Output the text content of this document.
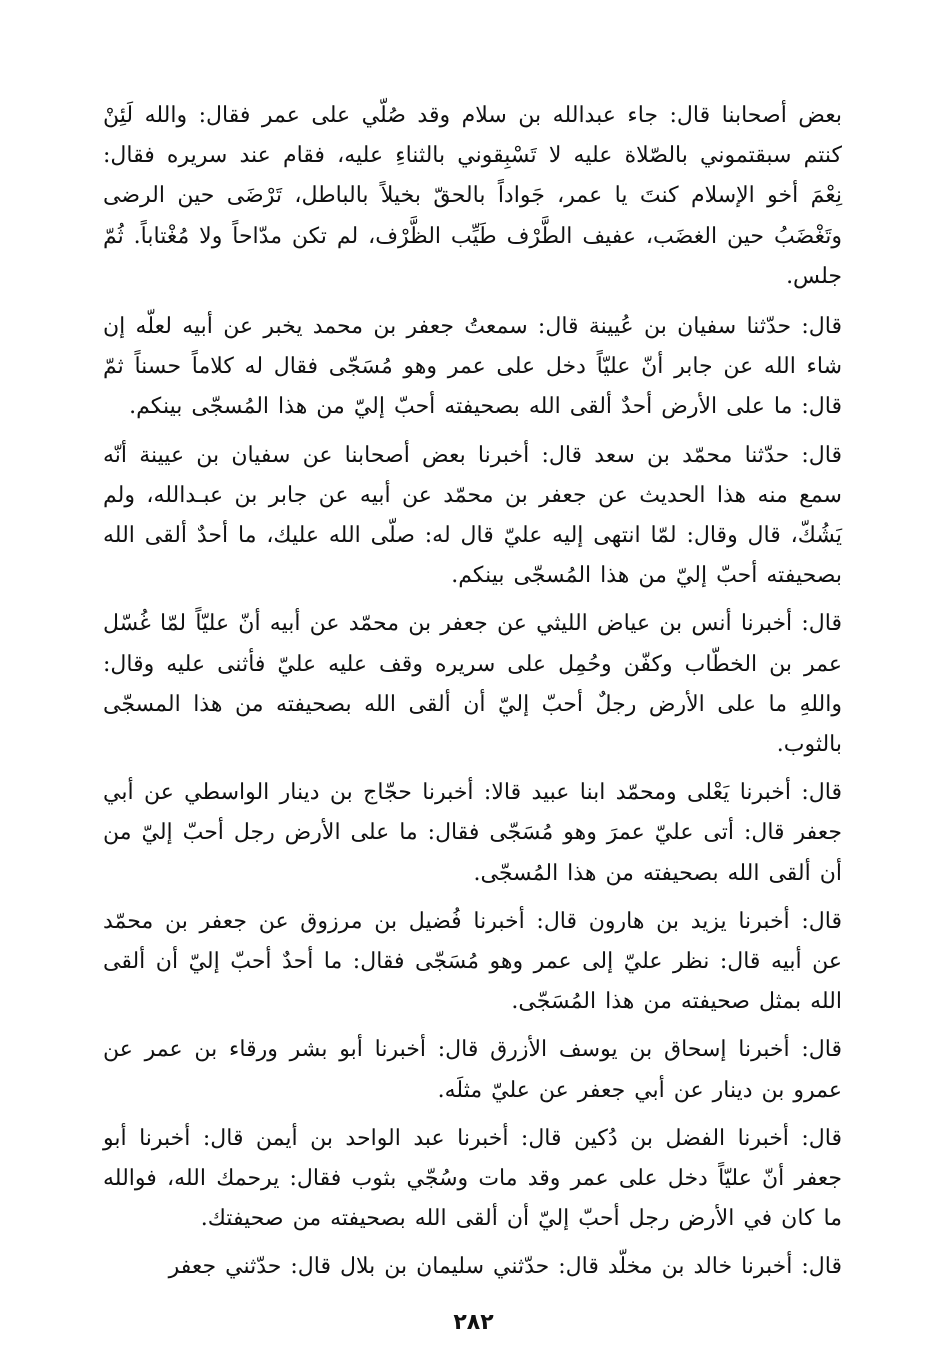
بعض أصحابنا قال: جاء عبدالله بن سلام وقد صُلّي على عمر فقال: والله لَئِنْ كنتم سبقتموني بالصّلاة عليه لا تَسْبِقوني بالثناءِ عليه، فقام عند سريره فقال: نِعْمَ أخو الإسلام كنتَ يا عمر، جَواداً بالحقّ بخيلاً بالباطل، تَرْضَى حين الرضى وتَغْضَبُ حين الغضَب، عفيف الطَّرْف طَيِّب الظَّرْف، لم تكن مدّاحاً ولا مُغْتاباً. ثُمّ جلس.
قال: حدّثنا سفيان بن عُيينة قال: سمعتُ جعفر بن محمد يخبر عن أبيه لعلّه إن شاء الله عن جابر أنّ عليّاً دخل على عمر وهو مُسَجّى فقال له كلاماً حسناً ثمّ قال: ما على الأرض أحدٌ ألقى الله بصحيفته أحبّ إليّ من هذا المُسجّى بينكم.
قال: حدّثنا محمّد بن سعد قال: أخبرنا بعض أصحابنا عن سفيان بن عيينة أنّه سمع منه هذا الحديث عن جعفر بن محمّد عن أبيه عن جابر بن عبـدالله، ولم يَشُكّ، قال وقال: لمّا انتهى إليه عليّ قال له: صلّى الله عليك، ما أحدٌ ألقى الله بصحيفته أحبّ إليّ من هذا المُسجّى بينكم.
قال: أخبرنا أنس بن عياض الليثي عن جعفر بن محمّد عن أبيه أنّ عليّاً لمّا غُسّل عمر بن الخطّاب وكفّن وحُمِل على سريره وقف عليه عليّ فأثنى عليه وقال: واللهِ ما على الأرض رجلٌ أحبّ إليّ أن ألقى الله بصحيفته من هذا المسجّى بالثوب.
قال: أخبرنا يَعْلى ومحمّد ابنا عبيد قالا: أخبرنا حجّاج بن دينار الواسطي عن أبي جعفر قال: أتى عليّ عمرَ وهو مُسَجّى فقال: ما على الأرض رجل أحبّ إليّ من أن ألقى الله بصحيفته من هذا المُسجّى.
قال: أخبرنا يزيد بن هارون قال: أخبرنا فُضيل بن مرزوق عن جعفر بن محمّد عن أبيه قال: نظر عليّ إلى عمر وهو مُسَجّى فقال: ما أحدٌ أحبّ إليّ أن ألقى الله بمثل صحيفته من هذا المُسَجّى.
قال: أخبرنا إسحاق بن يوسف الأزرق قال: أخبرنا أبو بشر ورقاء بن عمر عن عمرو بن دينار عن أبي جعفر عن عليّ مثلَه.
قال: أخبرنا الفضل بن دُكين قال: أخبرنا عبد الواحد بن أيمن قال: أخبرنا أبو جعفر أنّ عليّاً دخل على عمر وقد مات وسُجّي بثوب فقال: يرحمك الله، فوالله ما كان في الأرض رجل أحبّ إليّ أن ألقى الله بصحيفته من صحيفتك.
قال: أخبرنا خالد بن مخلّد قال: حدّثني سليمان بن بلال قال: حدّثني جعفر
٢٨٢
